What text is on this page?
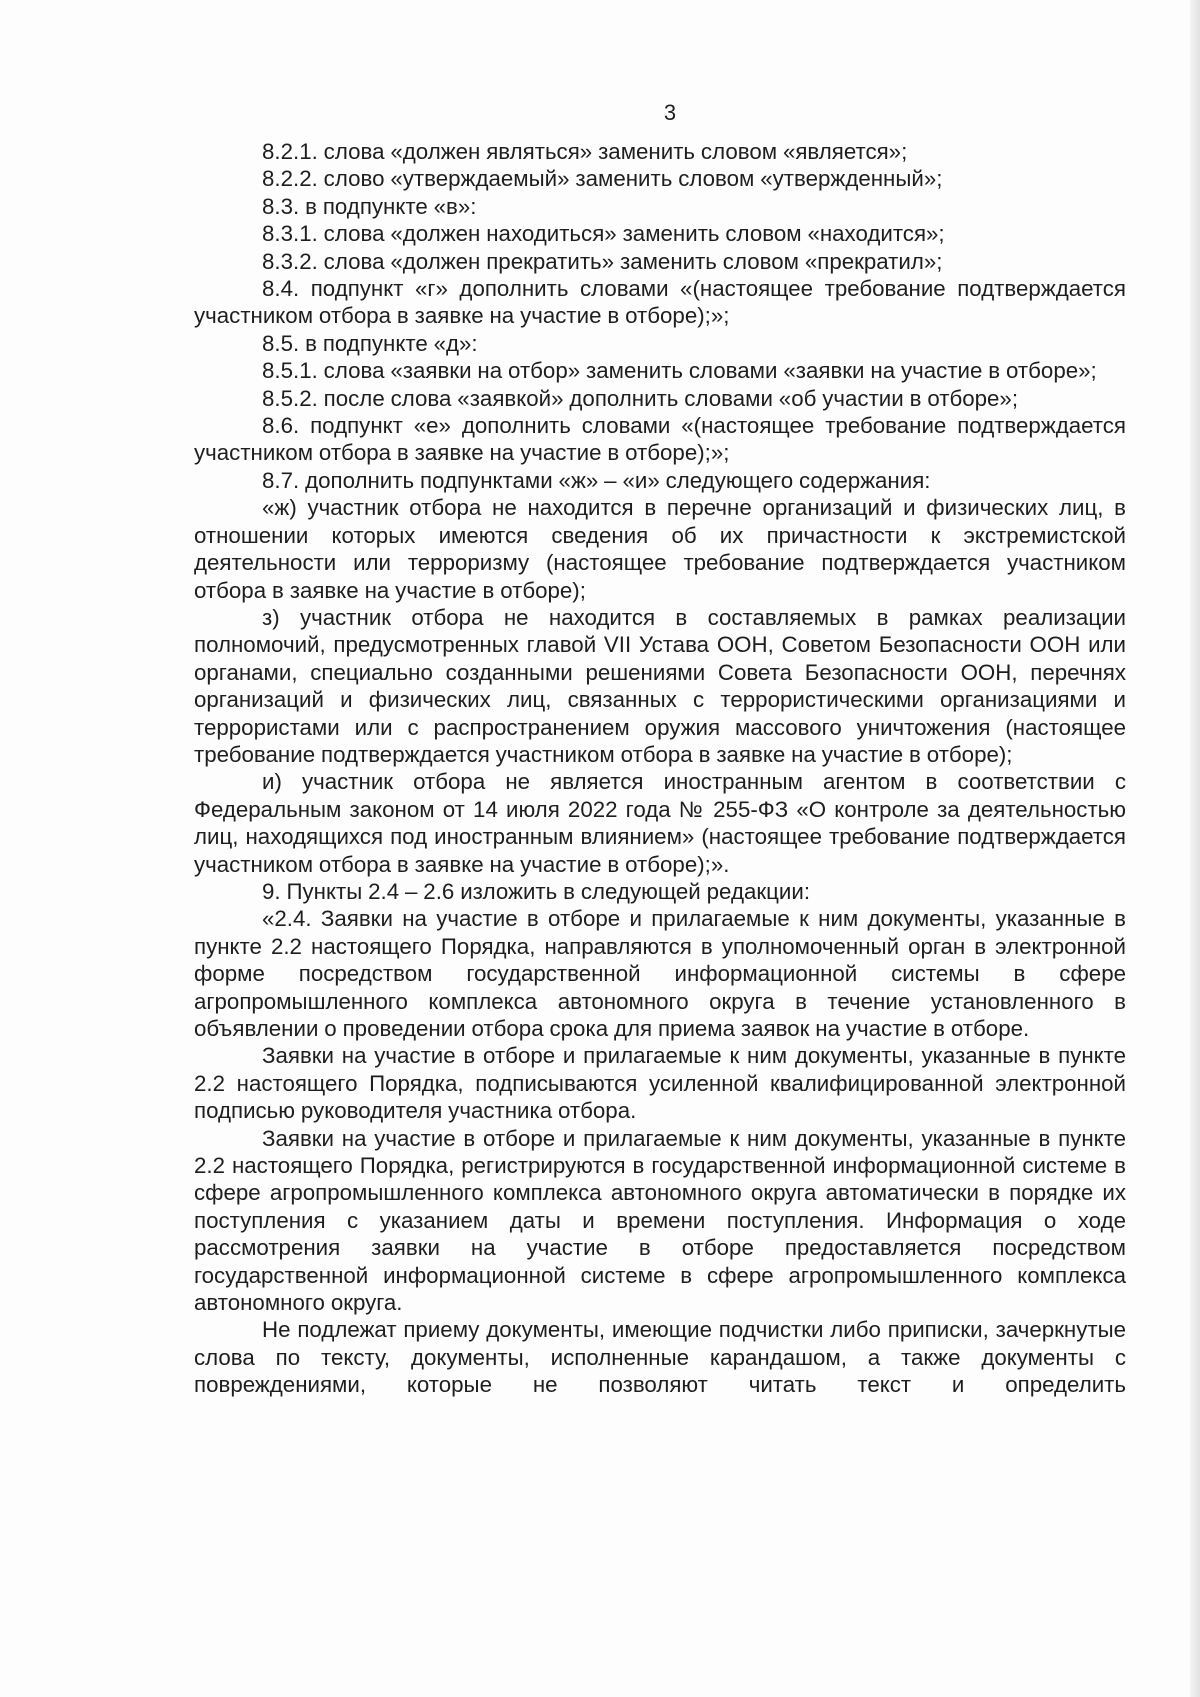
3

8.2.1. слова «должен являться» заменить словом «является»;

8.2.2. слово «утверждаемый» заменить словом «утвержденный»;

8.3. в подпункте «в»:

8.3.1. слова «должен находиться» заменить словом «находится»;

8.3.2. слова «должен прекратить» заменить словом «прекратил»;

8.4. подпункт «г» дополнить словами «(настоящее требование подтверждается участником отбора в заявке на участие в отборе);»;

8.5. в подпункте «д»:

8.5.1. слова «заявки на отбор» заменить словами «заявки на участие в отборе»;

8.5.2. после слова «заявкой» дополнить словами «об участии в отборе»;

8.6. подпункт «е» дополнить словами «(настоящее требование подтверждается участником отбора в заявке на участие в отборе);»;

8.7. дополнить подпунктами «ж» – «и» следующего содержания:

«ж) участник отбора не находится в перечне организаций и физических лиц, в отношении которых имеются сведения об их причастности к экстремистской деятельности или терроризму (настоящее требование подтверждается участником отбора в заявке на участие в отборе);

з) участник отбора не находится в составляемых в рамках реализации полномочий, предусмотренных главой VII Устава ООН, Советом Безопасности ООН или органами, специально созданными решениями Совета Безопасности ООН, перечнях организаций и физических лиц, связанных с террористическими организациями и террористами или с распространением оружия массового уничтожения (настоящее требование подтверждается участником отбора в заявке на участие в отборе);

и) участник отбора не является иностранным агентом в соответствии с Федеральным законом от 14 июля 2022 года № 255-ФЗ «О контроле за деятельностью лиц, находящихся под иностранным влиянием» (настоящее требование подтверждается участником отбора в заявке на участие в отборе);».

9. Пункты 2.4 – 2.6 изложить в следующей редакции:

«2.4. Заявки на участие в отборе и прилагаемые к ним документы, указанные в пункте 2.2 настоящего Порядка, направляются в уполномоченный орган в электронной форме посредством государственной информационной системы в сфере агропромышленного комплекса автономного округа в течение установленного в объявлении о проведении отбора срока для приема заявок на участие в отборе.

Заявки на участие в отборе и прилагаемые к ним документы, указанные в пункте 2.2 настоящего Порядка, подписываются усиленной квалифицированной электронной подписью руководителя участника отбора.

Заявки на участие в отборе и прилагаемые к ним документы, указанные в пункте 2.2 настоящего Порядка, регистрируются в государственной информационной системе в сфере агропромышленного комплекса автономного округа автоматически в порядке их поступления с указанием даты и времени поступления. Информация о ходе рассмотрения заявки на участие в отборе предоставляется посредством государственной информационной системе в сфере агропромышленного комплекса автономного округа.

Не подлежат приему документы, имеющие подчистки либо приписки, зачеркнутые слова по тексту, документы, исполненные карандашом, а также документы с повреждениями, которые не позволяют читать текст и определить
